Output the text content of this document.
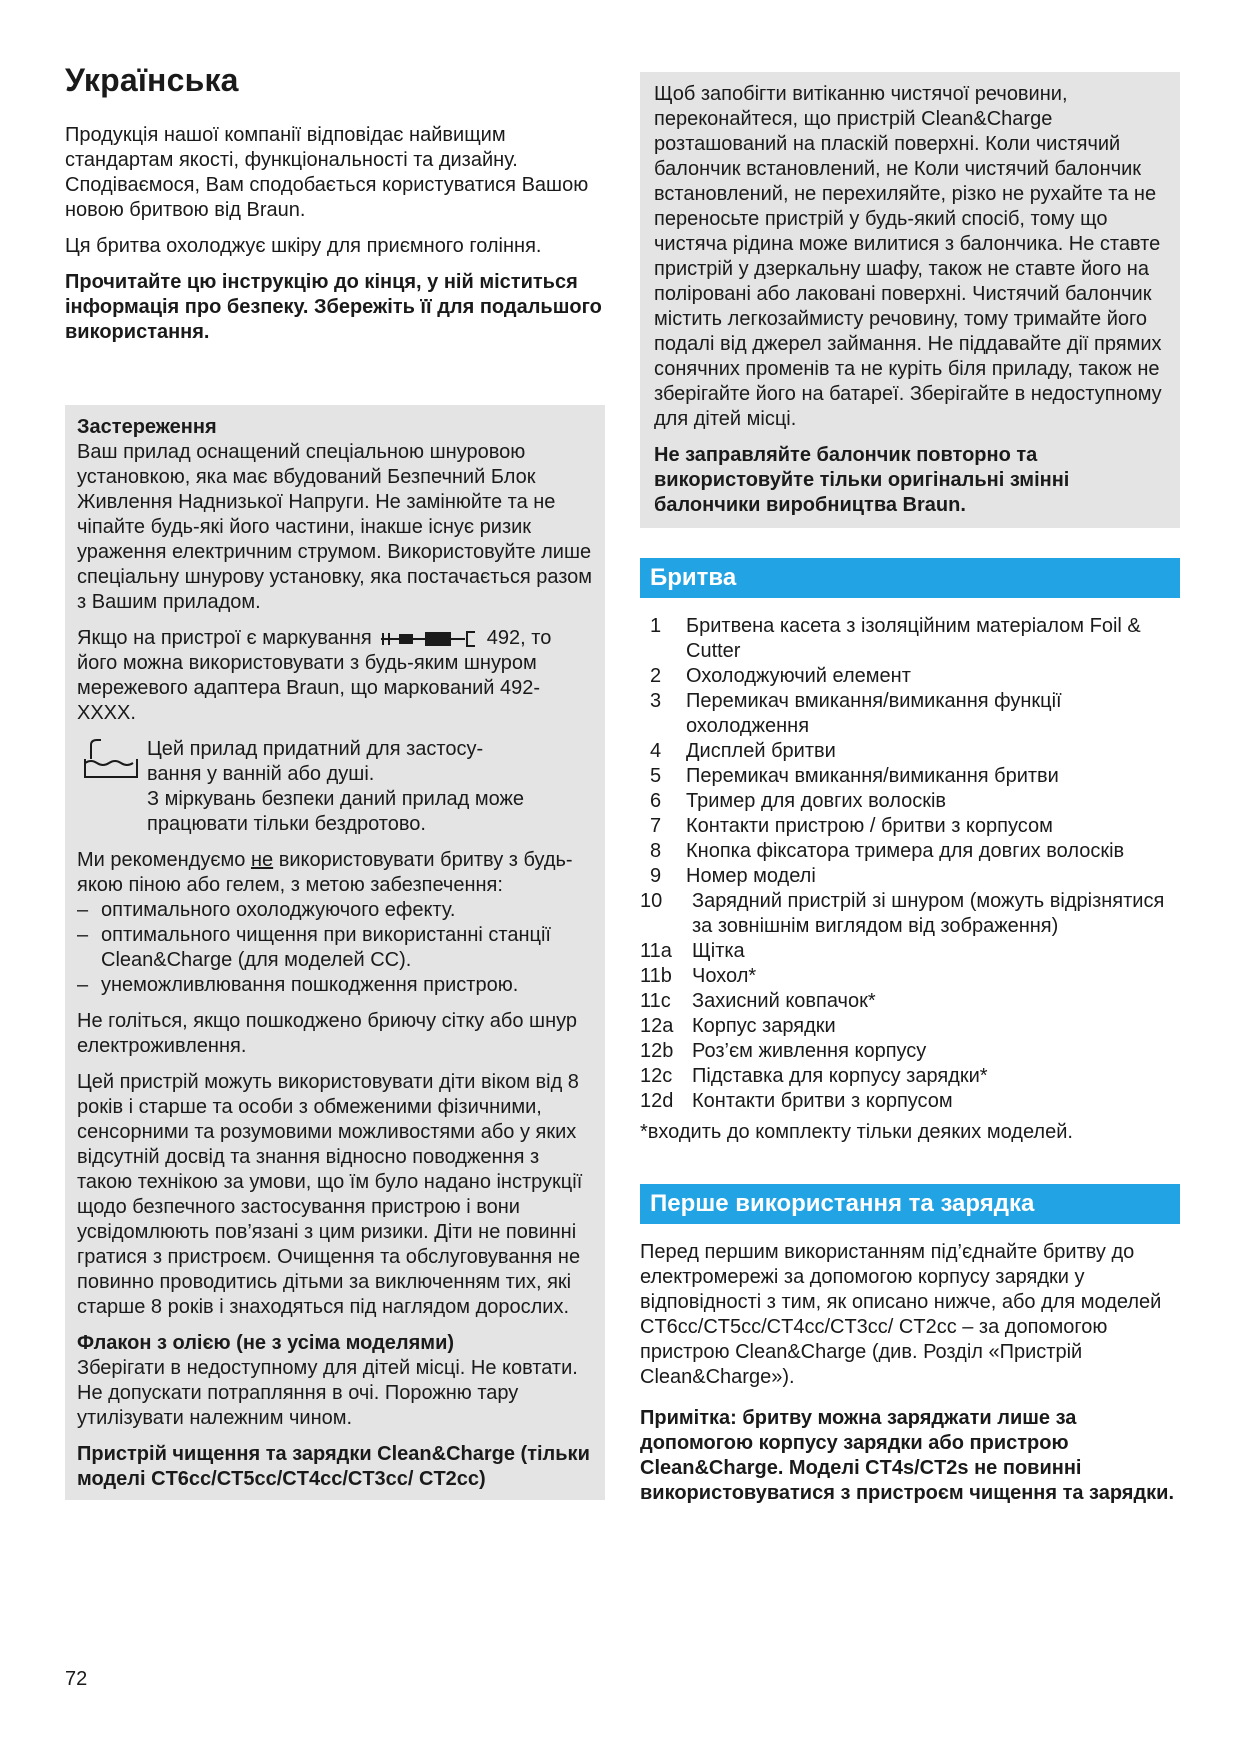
Українська

Продукція нашої компанії відповідає найвищим стандартам якості, функціональності та дизайну. Сподіваємося, Вам сподобається користуватися Вашою новою бритвою від Braun.

Ця бритва охолоджує шкіру для приємного гоління.

Прочитайте цю інструкцію до кінця, у ній міститься інформація про безпеку. Збережіть її для подальшого використання.

Застереження

Ваш прилад оснащений спеціальною шнуровою установкою, яка має вбудований Безпечний Блок Живлення Наднизької Напруги. Не замінюйте та не чіпайте будь-які його частини, інакше існує ризик ураження електричним струмом. Використовуйте лише спеціальну шнурову установку, яка постачається разом з Вашим приладом.

Якщо на пристрої є маркування	492, то його можна використовувати з будь-яким шнуром мережевого адаптера Braun, що маркований 492-XXXX.

Цей прилад придатний для застосу-
вання у ванній або душі.
З міркувань безпеки даний прилад може працювати тільки бездротово.

Ми рекомендуємо не використовувати бритву з будь-якою піною або гелем, з метою забезпечення:

– оптимального охолоджуючого ефекту.
– оптимального чищення при використанні станції Clean&Charge (для моделей CC).
– унеможливлювання пошкодження пристрою.

Не голіться, якщо пошкоджено бриючу сітку або шнур електроживлення.

Цей пристрій можуть використовувати діти віком від 8 років і старше та особи з обмеженими фізичними, сенсорними та розумовими можливостями або у яких відсутній досвід та знання відносно поводження з такою технікою за умови, що їм було надано інструкції щодо безпечного застосування пристрою і вони усвідомлюють пов’язані з цим ризики. Діти не повинні гратися з пристроєм. Очищення та обслуговування не повинно проводитись дітьми за виключенням тих, які старше 8 років і знаходяться під наглядом дорослих.

Флакон з олією (не з усіма моделями)

Зберігати в недоступному для дітей місці. Не ковтати. Не допускати потрапляння в очі. Порожню тару утилізувати належним чином.

Пристрій чищення та зарядки Clean&Charge (тільки моделі CT6cc/CT5cc/CT4cc/CT3cc/ CT2cc)

Щоб запобігти витіканню чистячої речовини, переконайтеся, що пристрій Clean&Charge розташований на пласкій поверхні. Коли чистячий балончик встановлений, не Коли чистячий балончик встановлений, не перехиляйте, різко не рухайте та не переносьте пристрій у будь-який спосіб, тому що чистяча рідина може вилитися з балончика. Не ставте пристрій у дзеркальну шафу, також не ставте його на поліровані або лаковані поверхні. Чистячий балончик містить легкозаймисту речовину, тому тримайте його подалі від джерел займання. Не піддавайте дії прямих сонячних променів та не куріть біля приладу, також не зберігайте його на батареї. Зберігайте в недоступному для дітей місці.

Не заправляйте балончик повторно та використовуйте тільки оригінальні змінні балончики виробництва Braun.

Бритва
1	Бритвена касета з ізоляційним матеріалом Foil & Cutter
2	Охолоджуючий елемент
3	Перемикач вмикання/вимикання функції охолодження
4	Дисплей бритви
5	Перемикач вмикання/вимикання бритви
6	Тример для довгих волосків
7	Контакти пристрою / бритви з корпусом
8	Кнопка фіксатора тримера для довгих волосків
9	Номер моделі
10	Зарядний пристрій зі шнуром (можуть відрізнятися за зовнішнім виглядом від зображення)
11a	Щітка
11b	Чохол*
11c	Захисний ковпачок*
12a Корпус зарядки
12b Роз’єм живлення корпусу
12c Підставка для корпусу зарядки*
12d Контакти бритви з корпусом

*входить до комплекту тільки деяких моделей.

Перше використання та зарядка

Перед першим використанням під’єднайте бритву до електромережі за допомогою корпусу зарядки у відповідності з тим, як описано нижче, або для моделей CT6cc/CT5cc/CT4cc/CT3cc/ CT2cc – за допомогою пристрою Clean&Charge (див. Розділ «Пристрій Clean&Charge»).

Примітка: бритву можна заряджати лише за допомогою корпусу зарядки або пристрою Clean&Charge. Моделі CT4s/CT2s не повинні використовуватися з пристроєм чищення та зарядки.

72
